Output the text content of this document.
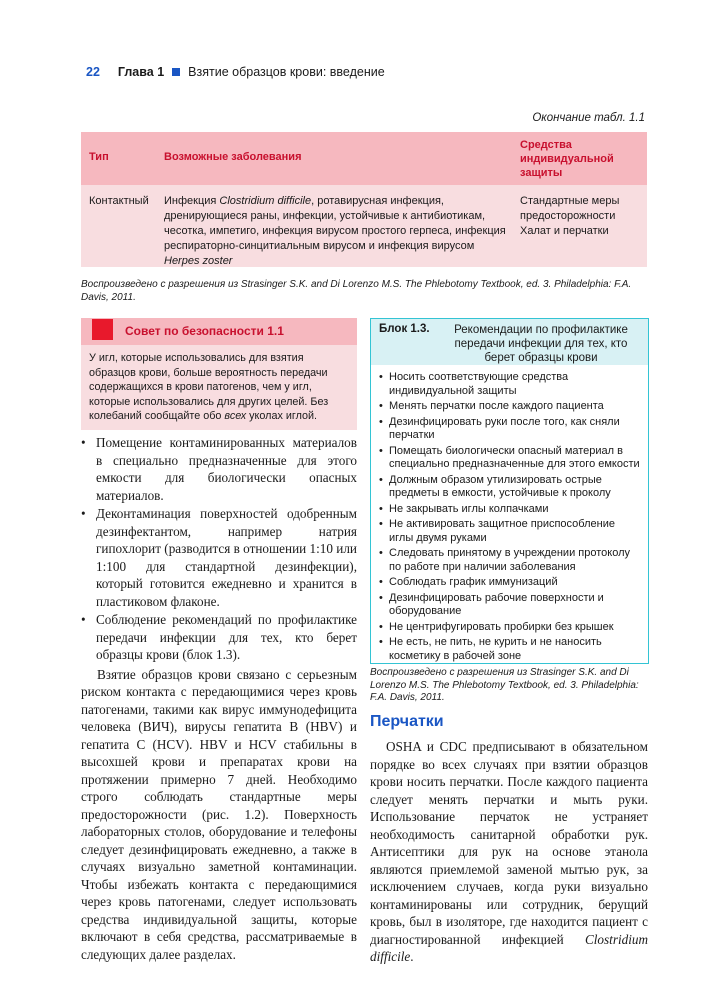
22 Глава 1 Взятие образцов крови: введение
Окончание табл. 1.1
Тип	Возможные заболевания
Средства индивидуальной защиты
Контактный Инфекция Clostridium difficile, ротавирусная инфекция, дренирующиеся раны, инфекции, устойчивые к антибиотикам, чесотка, импетиго, инфекция вирусом простого герпеса, инфекция респираторно-синцитиальным вирусом и инфекция вирусом Herpes zoster
Стандартные меры предосторожности Халат и перчатки
Воспроизведено с разрешения из Strasinger S.K. and Di Lorenzo M.S. The Phlebotomy Textbook, ed. 3. Philadelphia: F.A. Davis, 2011.
Совет по безопасности 1.1
У игл, которые использовались для взятия образцов крови, больше вероятность передачи содержащихся в крови патогенов, чем у игл, которые использовались для других целей. Без колебаний сообщайте обо всех уколах иглой.
• Помещение контаминированных материалов в специально предназначенные для этого емкости для биологически опасных материалов.
• Деконтаминация поверхностей одобренным дезинфектантом, например натрия гипохлорит (разводится в отношении 1:10 или 1:100 для стандартной дезинфекции), который готовится ежедневно и хранится в пластиковом флаконе.
• Соблюдение рекомендаций по профилактике передачи инфекции для тех, кто берет образцы крови (блок 1.3).

Взятие образцов крови связано с серьезным риском контакта с передающимися через кровь патогенами, такими как вирус иммунодефицита человека (ВИЧ), вирусы гепатита В (HBV) и гепатита С (HCV). HBV и HCV стабильны в высохшей крови и препаратах крови на протяжении примерно 7 дней. Необходимо строго соблюдать стандартные меры предосторожности (рис. 1.2). Поверхность лабораторных столов, оборудование и телефоны следует дезинфицировать ежедневно, а также в случаях визуально заметной контаминации. Чтобы избежать контакта с передающимися через кровь патогенами, следует использовать средства индивидуальной защиты, которые включают в себя средства, рассматриваемые в следующих далее разделах.

Блок 1.3.	Рекомендации по профилактике передачи инфекции для тех, кто берет образцы крови
• Носить соответствующие средства индивидуальной защиты
• Менять перчатки после каждого пациента
• Дезинфицировать руки после того, как сняли перчатки
• Помещать биологически опасный материал в специально предназначенные для этого емкости
• Должным образом утилизировать острые предметы в емкости, устойчивые к проколу
• Не закрывать иглы колпачками
• Не активировать защитное приспособление иглы двумя руками
• Следовать принятому в учреждении протоколу по работе при наличии заболевания
• Соблюдать график иммунизаций
• Дезинфицировать рабочие поверхности и оборудование
• Не центрифугировать пробирки без крышек
• Не есть, не пить, не курить и не наносить косметику в рабочей зоне
Воспроизведено с разрешения из Strasinger S.K. and Di Lorenzo M.S. The Phlebotomy Textbook, ed. 3. Philadelphia: F.A. Davis, 2011.
Перчатки
OSHA и CDC предписывают в обязательном порядке во всех случаях при взятии образцов крови носить перчатки. После каждого пациента следует менять перчатки и мыть руки. Использование перчаток не устраняет необходимость санитарной обработки рук. Антисептики для рук на основе этанола являются приемлемой заменой мытью рук, за исключением случаев, когда руки визуально контаминированы или сотрудник, берущий кровь, был в изоляторе, где находится пациент с диагностированной инфекцией Clostridium difficile.
